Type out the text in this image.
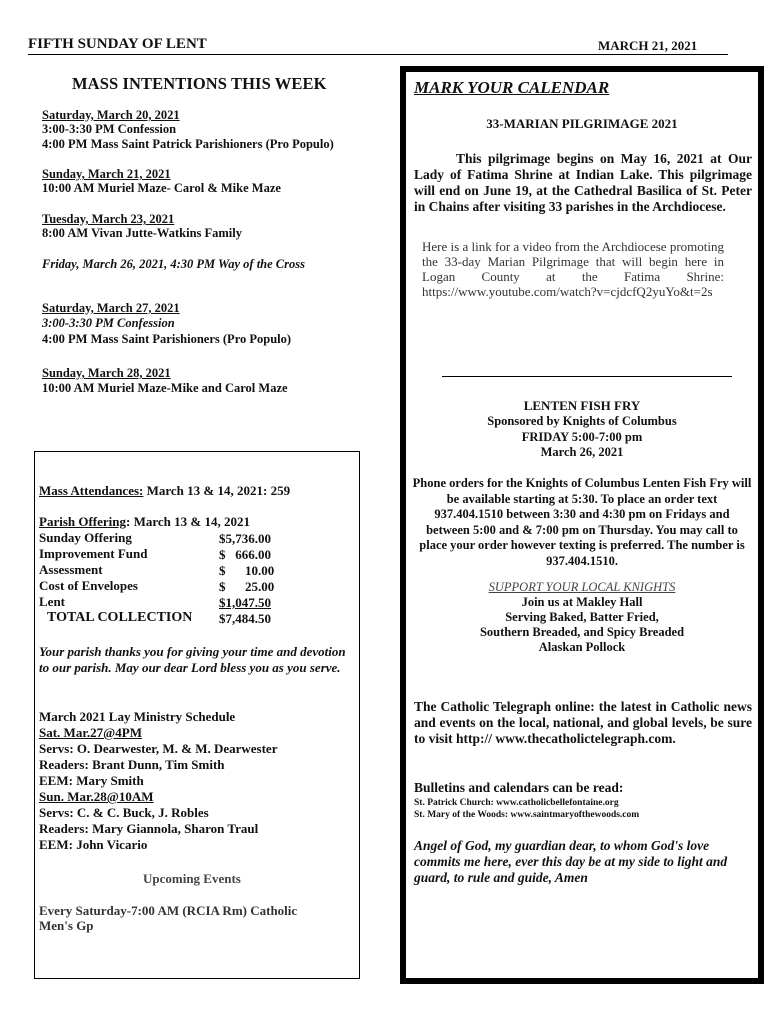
FIFTH SUNDAY OF LENT	MARCH 21, 2021
MASS INTENTIONS THIS WEEK
Saturday, March 20, 2021
3:00-3:30 PM Confession
4:00 PM Mass Saint Patrick Parishioners (Pro Populo)
Sunday, March 21, 2021
10:00 AM Muriel Maze- Carol & Mike Maze
Tuesday, March 23, 2021
8:00 AM Vivan Jutte-Watkins Family
Friday, March 26, 2021, 4:30 PM Way of the Cross
Saturday, March 27, 2021
3:00-3:30 PM Confession
4:00 PM Mass Saint Parishioners (Pro Populo)
Sunday, March 28, 2021
10:00 AM Muriel Maze-Mike and Carol Maze
Mass Attendances: March 13 & 14, 2021: 259
Parish Offering: March 13 & 14, 2021
Sunday Offering	$5,736.00
Improvement Fund	$   666.00
Assessment	$      10.00
Cost of Envelopes	$      25.00
Lent	$1,047.50
TOTAL COLLECTION $7,484.50
Your parish thanks you for giving your time and devotion to our parish. May our dear Lord bless you as you serve.
March 2021 Lay Ministry Schedule
Sat. Mar.27@4PM
Servs: O. Dearwester, M. & M. Dearwester
Readers: Brant Dunn, Tim Smith
EEM: Mary Smith
Sun. Mar.28@10AM
Servs: C. & C. Buck, J. Robles
Readers: Mary Giannola, Sharon Traul
EEM: John Vicario
Upcoming Events
Every Saturday-7:00 AM (RCIA Rm) Catholic
Men's Gp
MARK YOUR CALENDAR
33-MARIAN PILGRIMAGE 2021
This pilgrimage begins on May 16, 2021 at Our Lady of Fatima Shrine at Indian Lake. This pilgrimage will end on June 19, at the Cathedral Basilica of St. Peter in Chains after visiting 33 parishes in the Archdiocese.
Here is a link for a video from the Archdiocese promoting the 33-day Marian Pilgrimage that will begin here in Logan County at the Fatima Shrine: https://www.youtube.com/watch?v=cjdcfQ2yuYo&t=2s
LENTEN FISH FRY
Sponsored by Knights of Columbus
FRIDAY 5:00-7:00 pm
March 26, 2021
Phone orders for the Knights of Columbus Lenten Fish Fry will be available starting at 5:30. To place an order text 937.404.1510 between 3:30 and 4:30 pm on Fridays and between 5:00 and & 7:00 pm on Thursday. You may call to place your order however texting is preferred. The number is 937.404.1510.
SUPPORT YOUR LOCAL KNIGHTS
Join us at Makley Hall
Serving Baked, Batter Fried,
Southern Breaded, and Spicy Breaded
Alaskan Pollock
The Catholic Telegraph online: the latest in Catholic news and events on the local, national, and global levels, be sure to visit http:// www.thecatholictelegraph.com.
Bulletins and calendars can be read:
St. Patrick Church: www.catholicbellefontaine.org
St. Mary of the Woods: www.saintmaryofthewoods.com
Angel of God, my guardian dear, to whom God's love commits me here, ever this day be at my side to light and guard, to rule and guide, Amen
